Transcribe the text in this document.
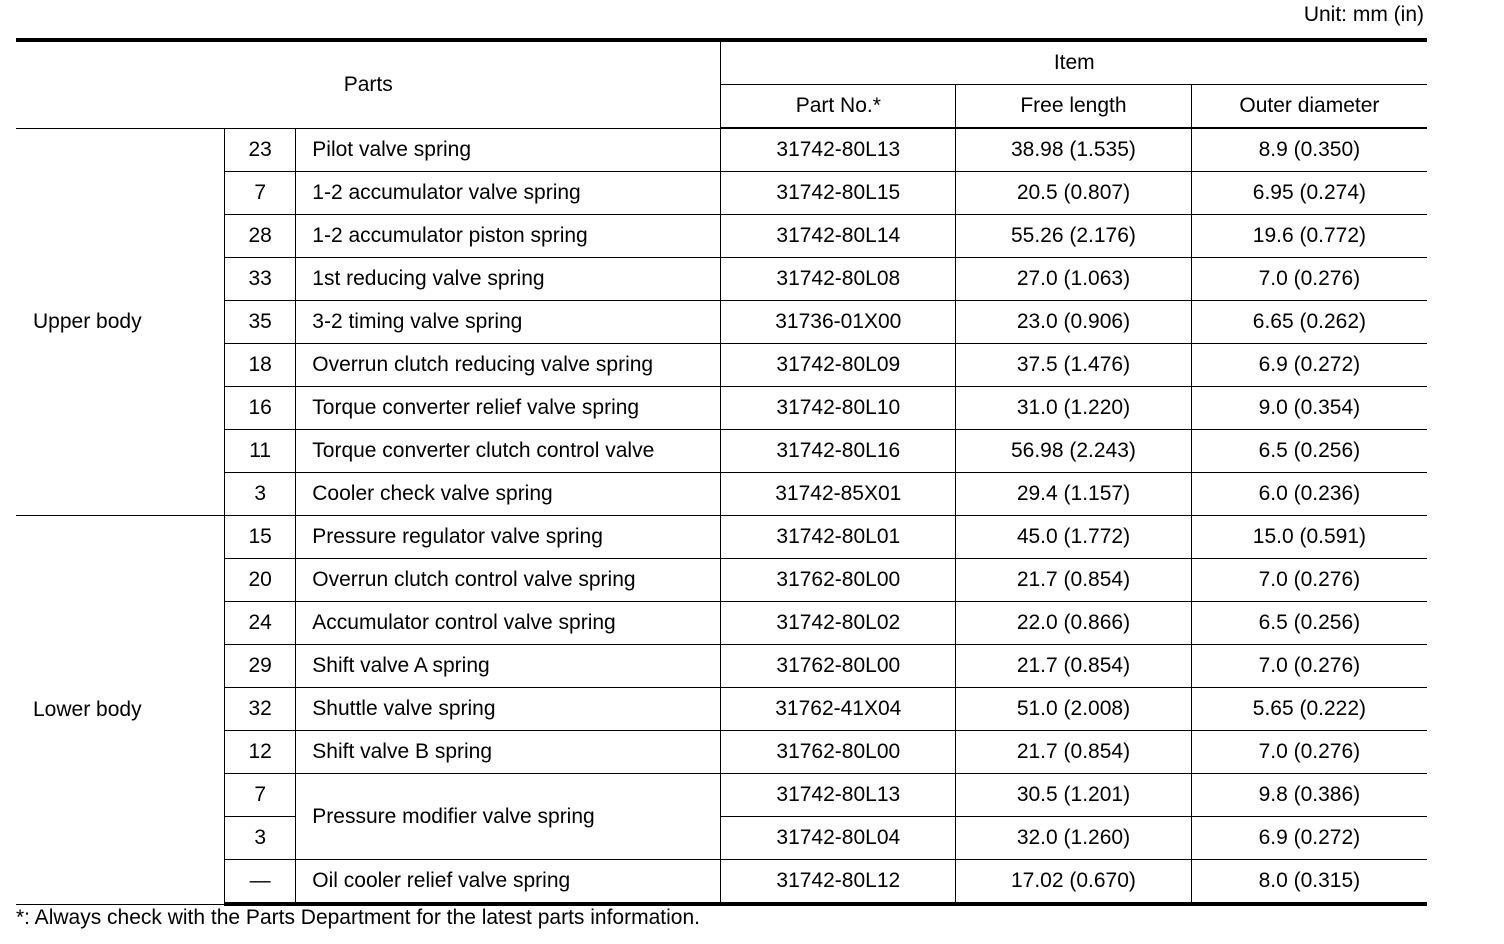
Unit: mm (in)
Parts			Item		
			Part No.*	Free length	Outer diameter
Upper body	23	Pilot valve spring	31742-80L13	38.98 (1.535)	8.9 (0.350)
	7	1-2 accumulator valve spring	31742-80L15	20.5 (0.807)	6.95 (0.274)
	28	1-2 accumulator piston spring	31742-80L14	55.26 (2.176)	19.6 (0.772)
	33	1st reducing valve spring	31742-80L08	27.0 (1.063)	7.0 (0.276)
	35	3-2 timing valve spring	31736-01X00	23.0 (0.906)	6.65 (0.262)
	18	Overrun clutch reducing valve spring	31742-80L09	37.5 (1.476)	6.9 (0.272)
	16	Torque converter relief valve spring	31742-80L10	31.0 (1.220)	9.0 (0.354)
	11	Torque converter clutch control valve	31742-80L16	56.98 (2.243)	6.5 (0.256)
	3	Cooler check valve spring	31742-85X01	29.4 (1.157)	6.0 (0.236)
Lower body	15	Pressure regulator valve spring	31742-80L01	45.0 (1.772)	15.0 (0.591)
	20	Overrun clutch control valve spring	31762-80L00	21.7 (0.854)	7.0 (0.276)
	24	Accumulator control valve spring	31742-80L02	22.0 (0.866)	6.5 (0.256)
	29	Shift valve A spring	31762-80L00	21.7 (0.854)	7.0 (0.276)
	32	Shuttle valve spring	31762-41X04	51.0 (2.008)	5.65 (0.222)
	12	Shift valve B spring	31762-80L00	21.7 (0.854)	7.0 (0.276)
	7	Pressure modifier valve spring	31742-80L13	30.5 (1.201)	9.8 (0.386)
	3		31742-80L04	32.0 (1.260)	6.9 (0.272)
	—	Oil cooler relief valve spring	31742-80L12	17.02 (0.670)	8.0 (0.315)
*: Always check with the Parts Department for the latest parts information.
